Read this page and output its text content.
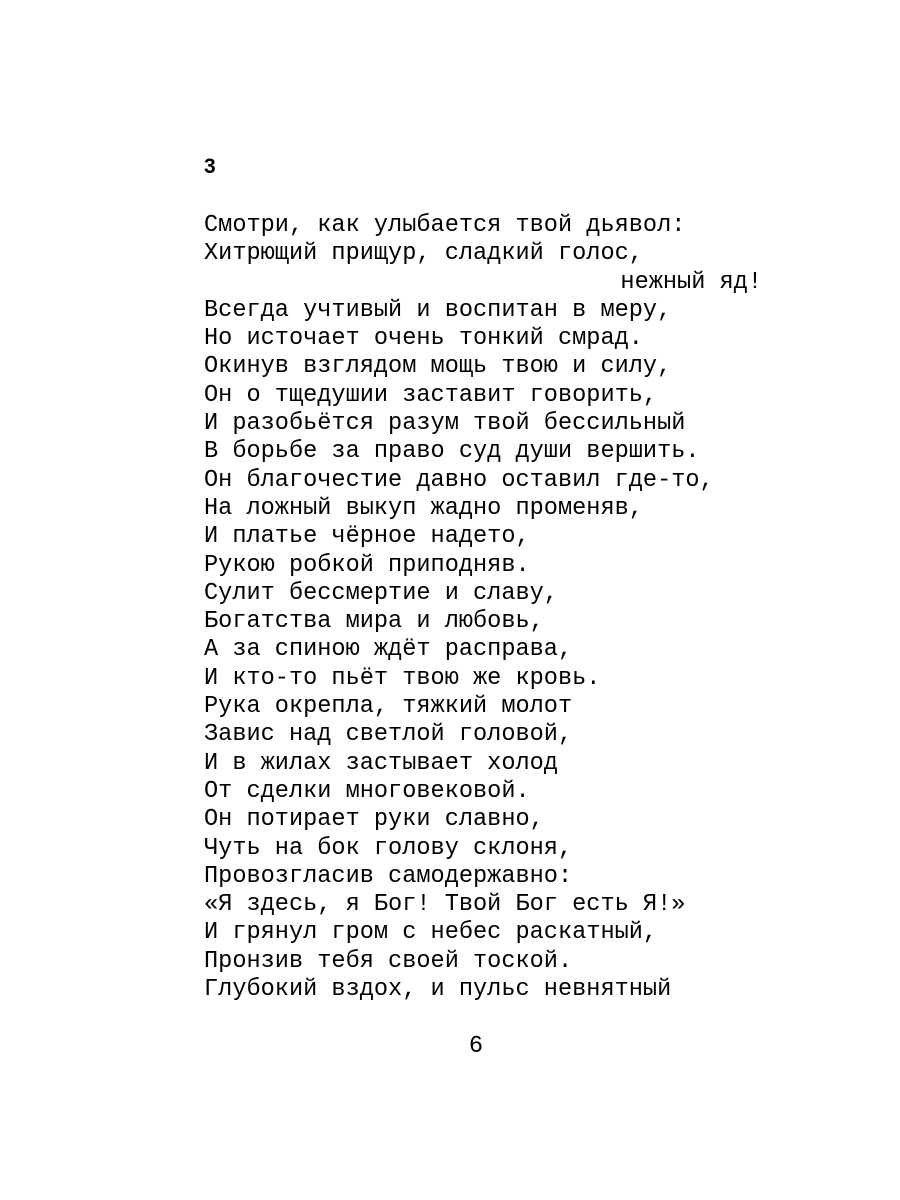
3
Смотри, как улыбается твой дьявол:
Хитрющий прищур, сладкий голос,
нежный яд!
Всегда учтивый и воспитан в меру,
Но источает очень тонкий смрад.
Окинув взглядом мощь твою и силу,
Он о тщедушии заставит говорить,
И разобьётся разум твой бессильный
В борьбе за право суд души вершить.
Он благочестие давно оставил где-то,
На ложный выкуп жадно променяв,
И платье чёрное надето,
Рукою робкой приподняв.
Сулит бессмертие и славу,
Богатства мира и любовь,
А за спиною ждёт расправа,
И кто-то пьёт твою же кровь.
Рука окрепла, тяжкий молот
Завис над светлой головой,
И в жилах застывает холод
От сделки многовековой.
Он потирает руки славно,
Чуть на бок голову склоня,
Провозгласив самодержавно:
«Я здесь, я Бог! Твой Бог есть Я!»
И грянул гром с небес раскатный,
Пронзив тебя своей тоской.
Глубокий вздох, и пульс невнятный
6
